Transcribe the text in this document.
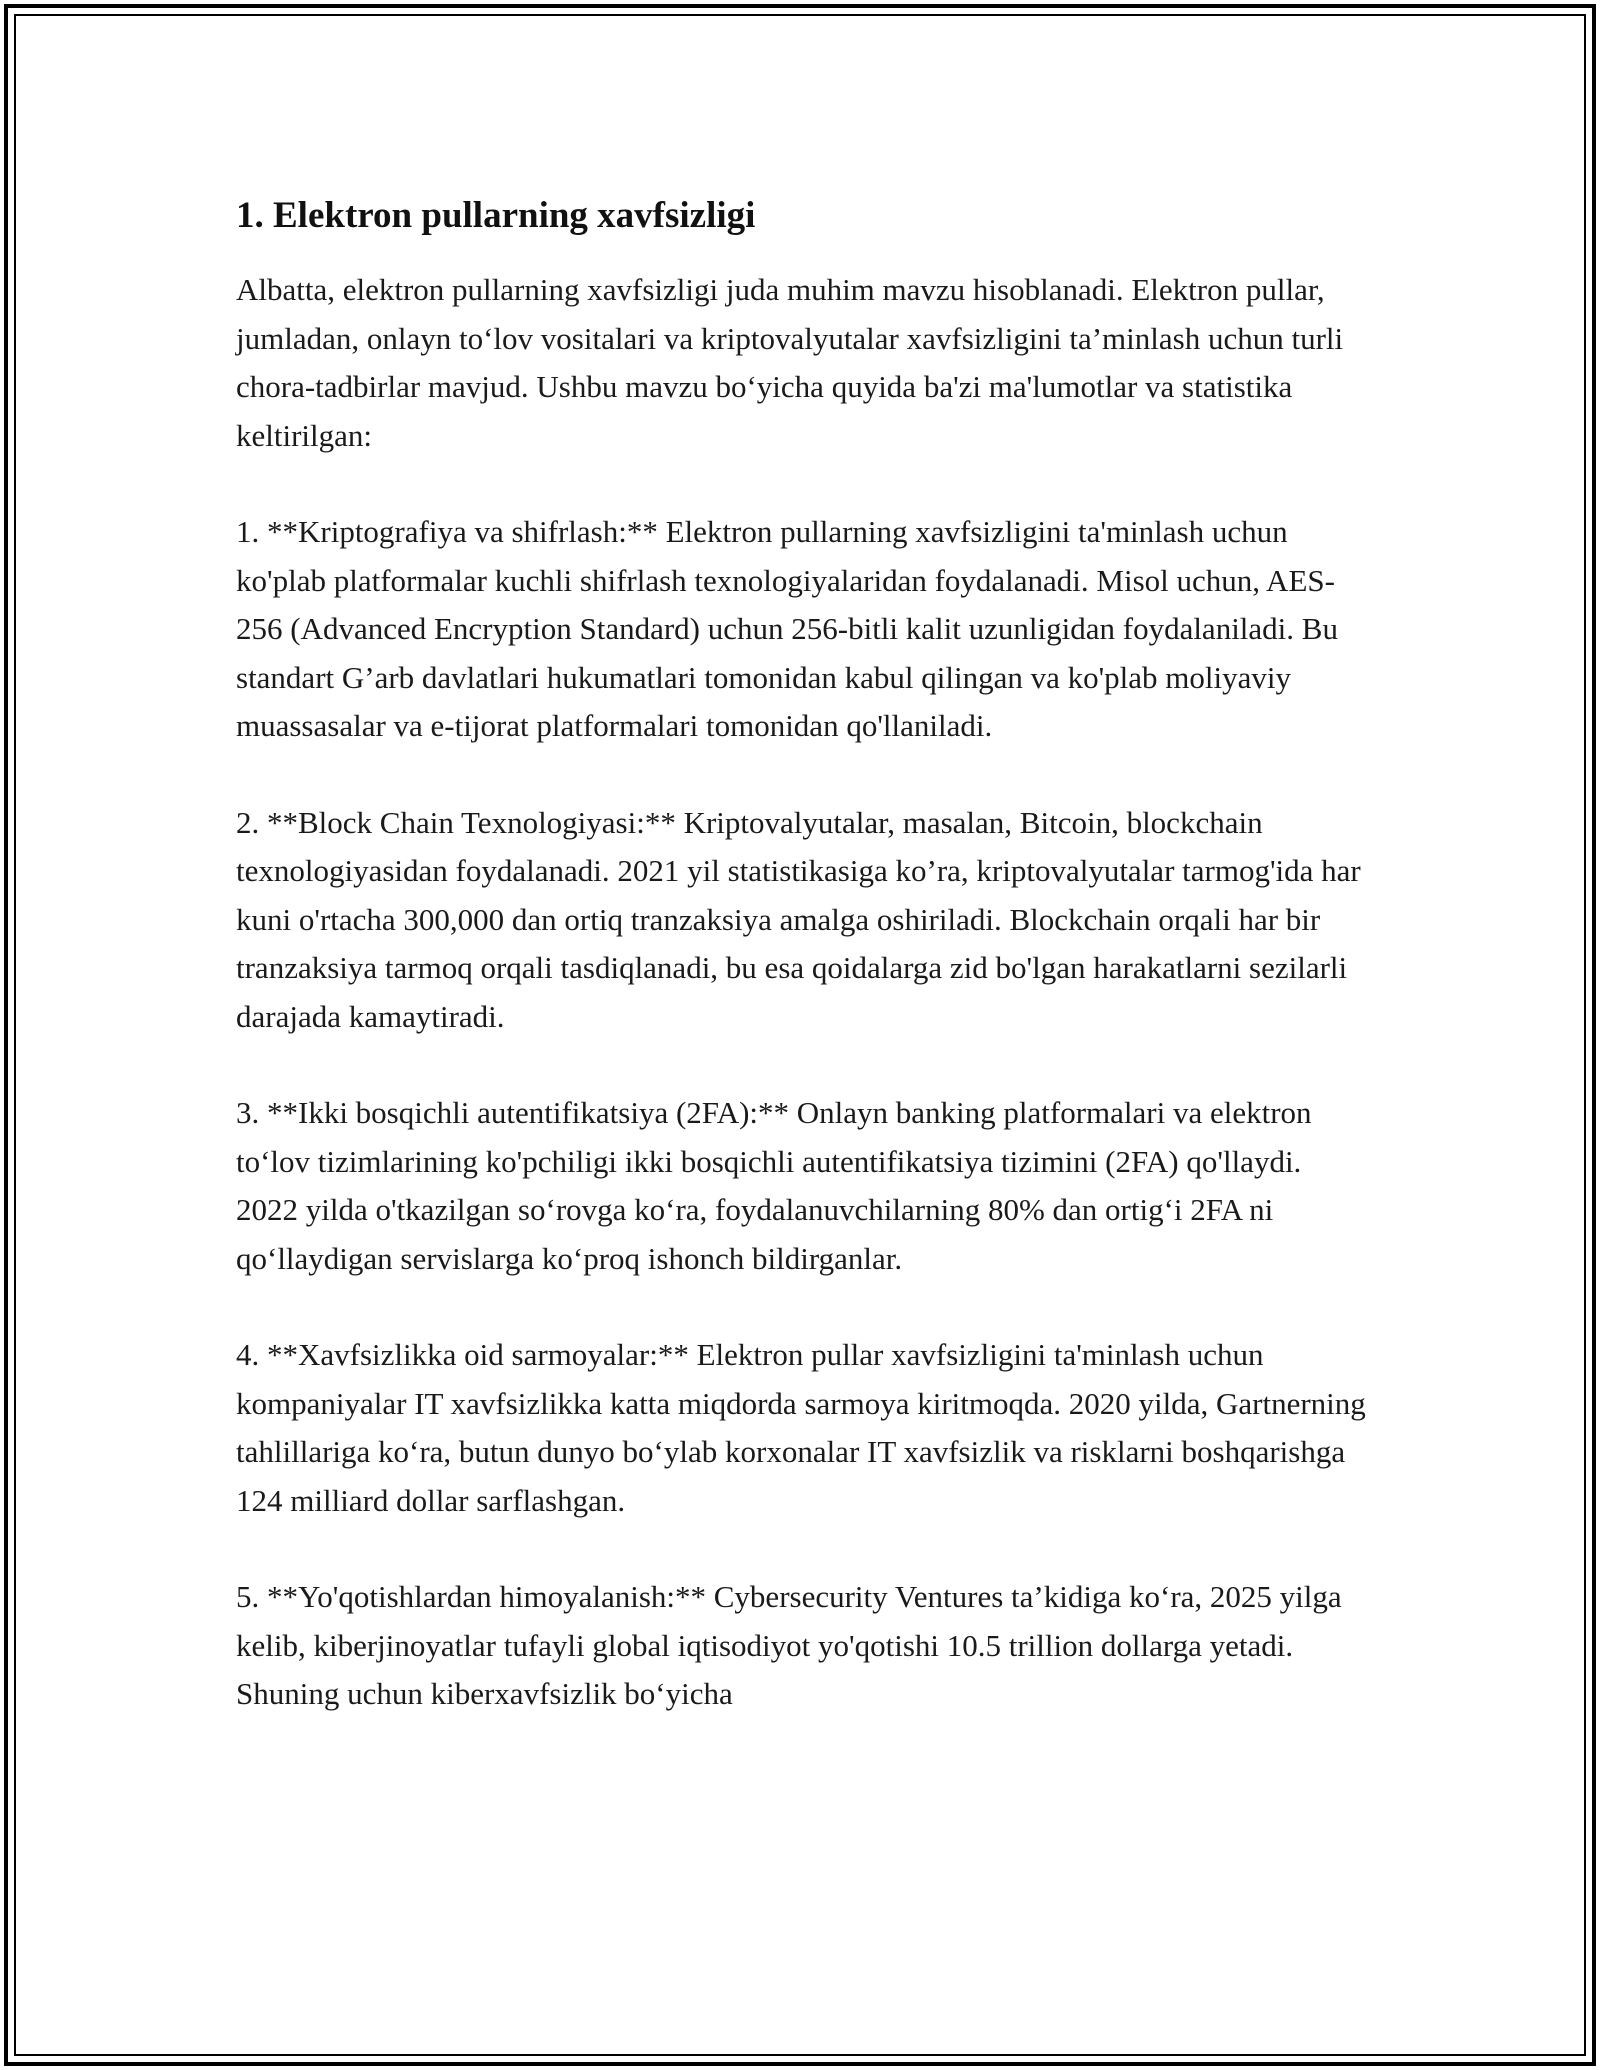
1. Elektron pullarning xavfsizligi

Albatta, elektron pullarning xavfsizligi juda muhim mavzu hisoblanadi. Elektron pullar, jumladan, onlayn to‘lov vositalari va kriptovalyutalar xavfsizligini ta’minlash uchun turli chora-tadbirlar mavjud. Ushbu mavzu bo‘yicha quyida ba'zi ma'lumotlar va statistika keltirilgan:

1. **Kriptografiya va shifrlash:** Elektron pullarning xavfsizligini ta'minlash uchun ko'plab platformalar kuchli shifrlash texnologiyalaridan foydalanadi. Misol uchun, AES-256 (Advanced Encryption Standard) uchun 256-bitli kalit uzunligidan foydalaniladi. Bu standart G’arb davlatlari hukumatlari tomonidan kabul qilingan va ko'plab moliyaviy muassasalar va e-tijorat platformalari tomonidan qo'llaniladi.

2. **Block Chain Texnologiyasi:** Kriptovalyutalar, masalan, Bitcoin, blockchain texnologiyasidan foydalanadi. 2021 yil statistikasiga ko’ra, kriptovalyutalar tarmog'ida har kuni o'rtacha 300,000 dan ortiq tranzaksiya amalga oshiriladi. Blockchain orqali har bir tranzaksiya tarmoq orqali tasdiqlanadi, bu esa qoidalarga zid bo'lgan harakatlarni sezilarli darajada kamaytiradi.

3. **Ikki bosqichli autentifikatsiya (2FA):** Onlayn banking platformalari va elektron to‘lov tizimlarining ko'pchiligi ikki bosqichli autentifikatsiya tizimini (2FA) qo'llaydi. 2022 yilda o'tkazilgan so‘rovga ko‘ra, foydalanuvchilarning 80% dan ortig‘i 2FA ni qo‘llaydigan servislarga ko‘proq ishonch bildirganlar.

4. **Xavfsizlikka oid sarmoyalar:** Elektron pullar xavfsizligini ta'minlash uchun kompaniyalar IT xavfsizlikka katta miqdorda sarmoya kiritmoqda. 2020 yilda, Gartnerning tahlillariga ko‘ra, butun dunyo bo‘ylab korxonalar IT xavfsizlik va risklarni boshqarishga 124 milliard dollar sarflashgan.

5. **Yo'qotishlardan himoyalanish:** Cybersecurity Ventures ta’kidiga ko‘ra, 2025 yilga kelib, kiberjinoyatlar tufayli global iqtisodiyot yo'qotishi 10.5 trillion dollarga yetadi. Shuning uchun kiberxavfsizlik bo‘yicha
